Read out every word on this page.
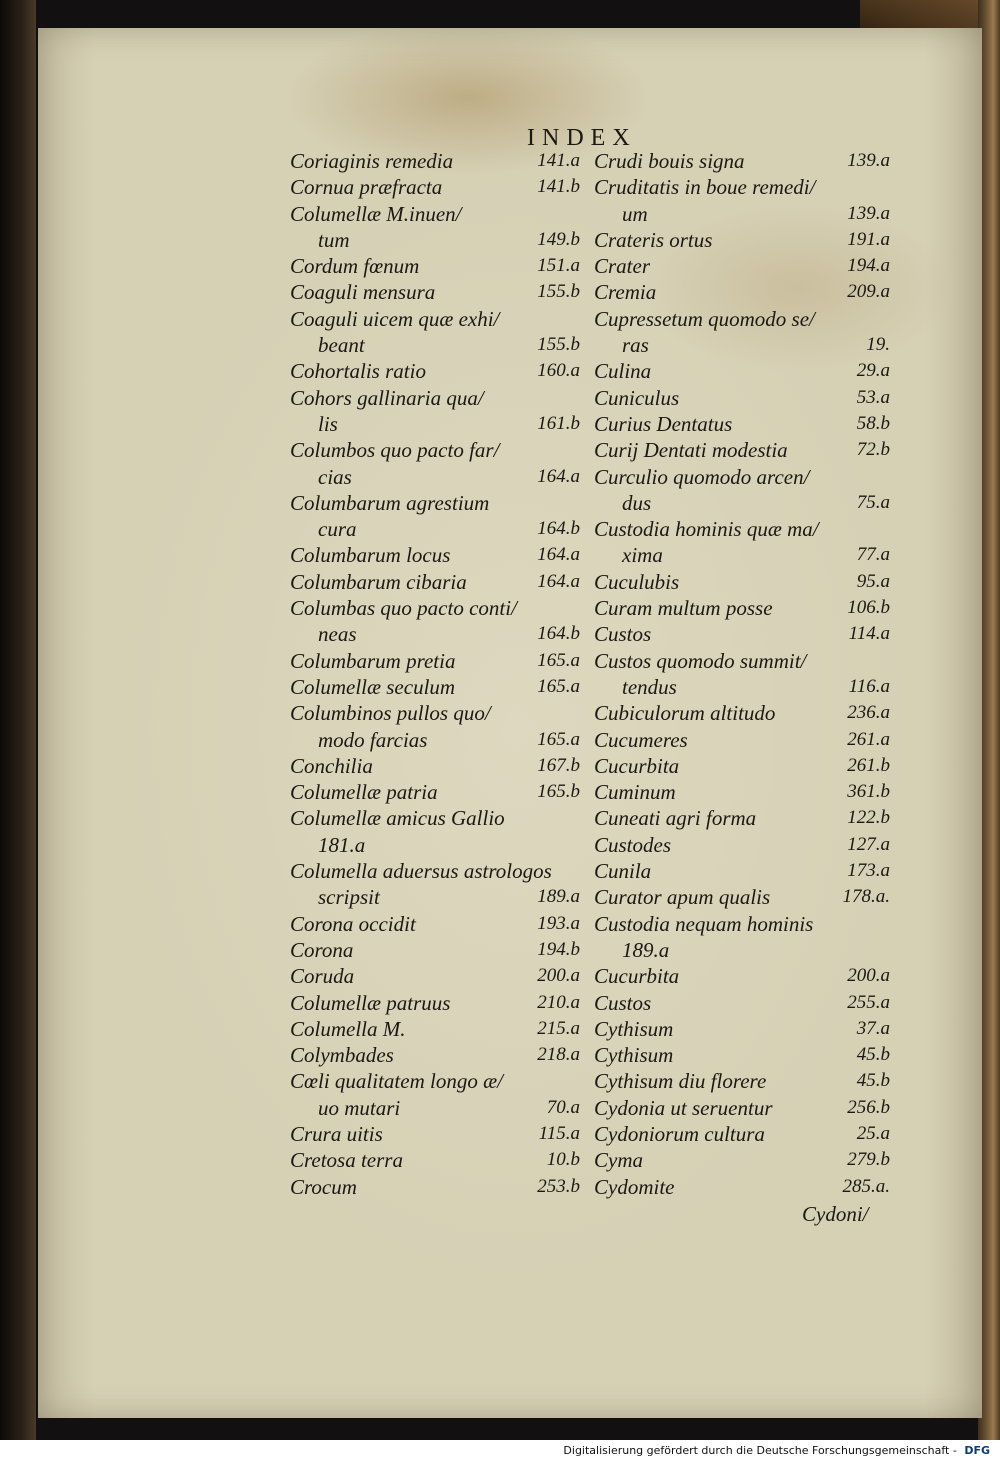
INDEX
Coriaginis remedia	141.a
Cornua præfracta	141.b
Columellæ M.inuen/
tum	149.b
Cordum fœnum	151.a
Coaguli mensura	155.b
Coaguli uicem quæ exhi/
beant	155.b
Cohortalis ratio	160.a
Cohors gallinaria qua/
lis	161.b
Columbos quo pacto far/
cias	164.a
Columbarum agrestium
cura	164.b
Columbarum locus	164.a
Columbarum cibaria	164.a
Columbas quo pacto conti/
neas	164.b
Columbarum pretia	165.a
Columellæ seculum	165.a
Columbinos pullos quo/
modo farcias	165.a
Conchilia	167.b
Columellæ patria	165.b
Columellæ amicus Gallio
181.a
Columella aduersus astrologos
scripsit	189.a
Corona occidit	193.a
Corona	194.b
Coruda	200.a
Columellæ patruus	210.a
Columella M.	215.a
Colymbades	218.a
Cœli qualitatem longo æ/
uo mutari	70.a
Crura uitis	115.a
Cretosa terra	10.b
Crocum	253.b
Crudi bouis signa	139.a
Cruditatis in boue remedi/
um	139.a
Crateris ortus	191.a
Crater	194.a
Cremia	209.a
Cupressetum quomodo se/
ras	19.
Culina	29.a
Cuniculus	53.a
Curius Dentatus	58.b
Curij Dentati modestia	72.b
Curculio quomodo arcen/
dus	75.a
Custodia hominis quæ ma/
xima	77.a
Cuculubis	95.a
Curam multum posse	106.b
Custos	114.a
Custos quomodo summit/
tendus	116.a
Cubiculorum altitudo	236.a
Cucumeres	261.a
Cucurbita	261.b
Cuminum	361.b
Cuneati agri forma	122.b
Custodes	127.a
Cunila	173.a
Curator apum qualis	178.a.
Custodia nequam hominis
189.a
Cucurbita	200.a
Custos	255.a
Cythisum	37.a
Cythisum	45.b
Cythisum diu florere	45.b
Cydonia ut seruentur	256.b
Cydoniorum cultura	25.a
Cyma	279.b
Cydomite	285.a.
Cydoni/
Digitalisierung gefördert durch die Deutsche Forschungsgemeinschaft - DFG
